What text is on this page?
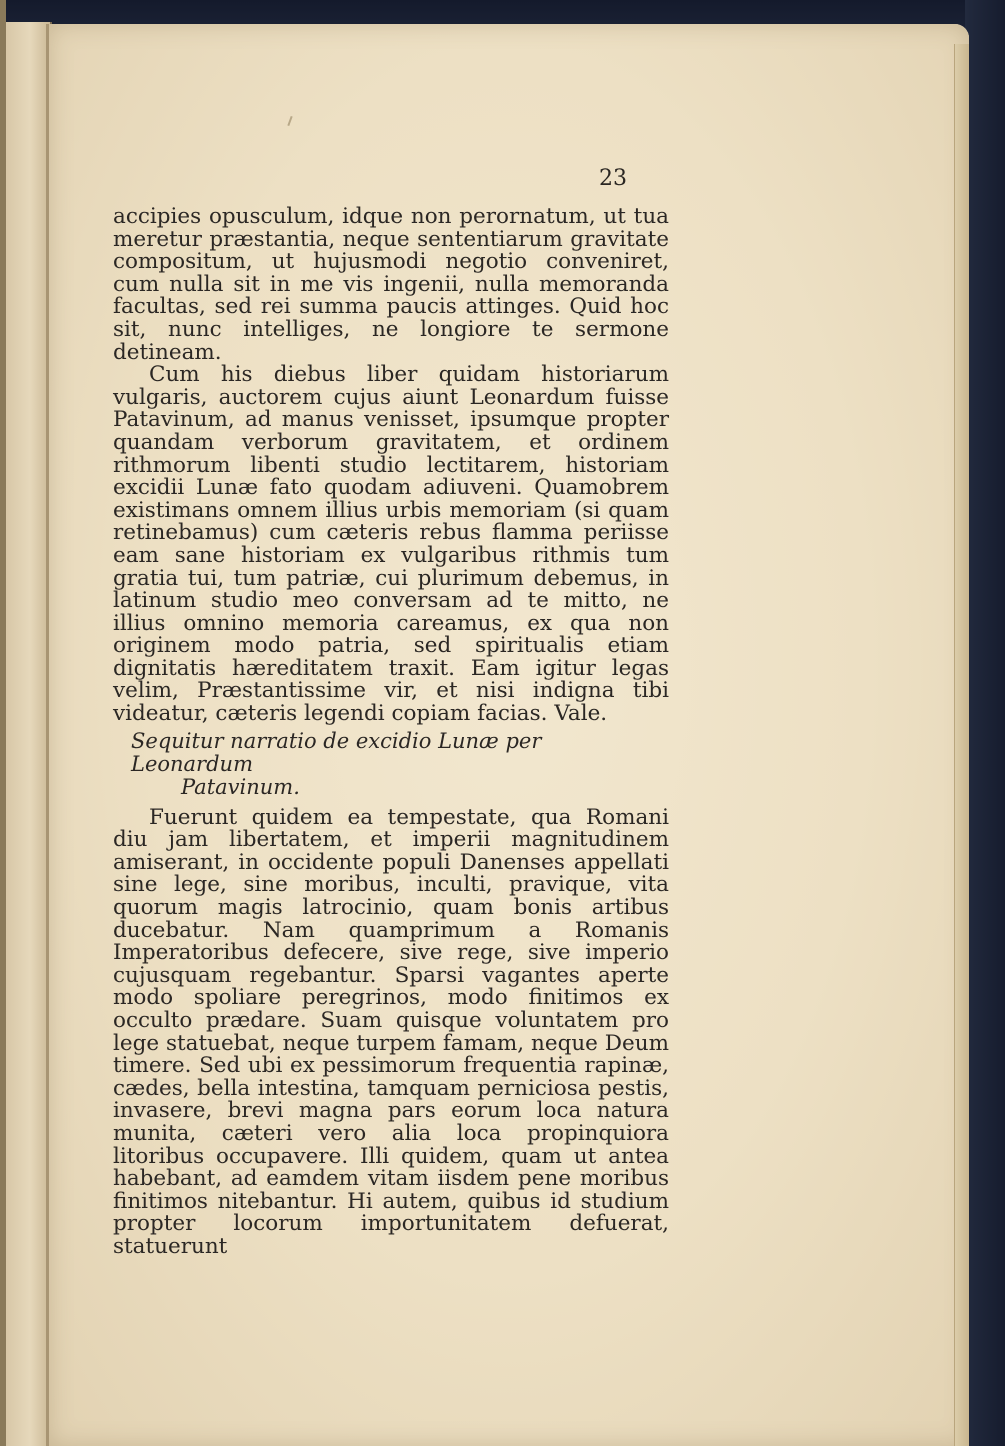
23

accipies opusculum, idque non perornatum, ut tua meretur præstantia, neque sententiarum gravitate compositum, ut hujusmodi negotio conveniret, cum nulla sit in me vis ingenii, nulla memoranda facultas, sed rei summa paucis attinges. Quid hoc sit, nunc intelliges, ne longiore te sermone detineam.

Cum his diebus liber quidam historiarum vulgaris, auctorem cujus aiunt Leonardum fuisse Patavinum, ad manus venisset, ipsumque propter quandam verborum gravitatem, et ordinem rithmorum libenti studio lectitarem, historiam excidii Lunæ fato quodam adiuveni. Quamobrem existimans omnem illius urbis memoriam (si quam retinebamus) cum cæteris rebus flamma periisse eam sane historiam ex vulgaribus rithmis tum gratia tui, tum patriæ, cui plurimum debemus, in latinum studio meo conversam ad te mitto, ne illius omnino memoria careamus, ex qua non originem modo patria, sed spiritualis etiam dignitatis hæreditatem traxit. Eam igitur legas velim, Præstantissime vir, et nisi indigna tibi videatur, cæteris legendi copiam facias. Vale.

Sequitur narratio de excidio Lunæ per Leonardum
Patavinum.

Fuerunt quidem ea tempestate, qua Romani diu jam libertatem, et imperii magnitudinem amiserant, in occidente populi Danenses appellati sine lege, sine moribus, inculti, pravique, vita quorum magis latrocinio, quam bonis artibus ducebatur. Nam quamprimum a Romanis Imperatoribus defecere, sive rege, sive imperio cujusquam regebantur. Sparsi vagantes aperte modo spoliare peregrinos, modo finitimos ex occulto prædare. Suam quisque voluntatem pro lege statuebat, neque turpem famam, neque Deum timere. Sed ubi ex pessimorum frequentia rapinæ, cædes, bella intestina, tamquam perniciosa pestis, invasere, brevi magna pars eorum loca natura munita, cæteri vero alia loca propinquiora litoribus occupavere. Illi quidem, quam ut antea habebant, ad eamdem vitam iisdem pene moribus finitimos nitebantur. Hi autem, quibus id studium propter locorum importunitatem defuerat, statuerunt
